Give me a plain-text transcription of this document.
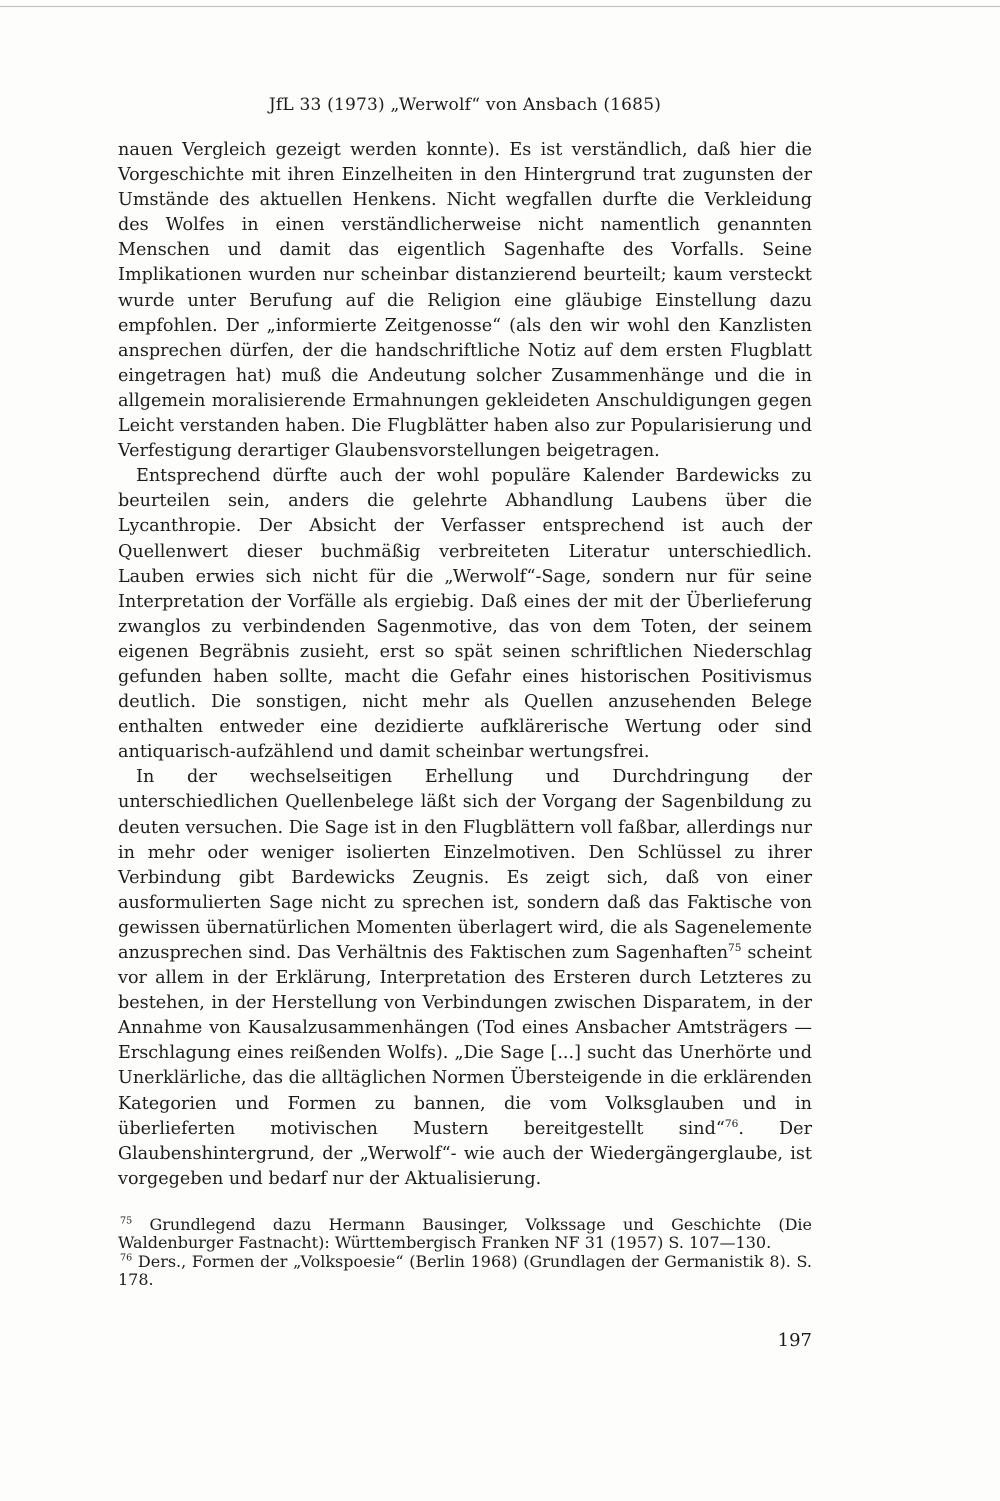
JfL 33 (1973) „Werwolf“ von Ansbach (1685)

nauen Vergleich gezeigt werden konnte). Es ist verständlich, daß hier die Vorgeschichte mit ihren Einzelheiten in den Hintergrund trat zugunsten der Umstände des aktuellen Henkens. Nicht wegfallen durfte die Verkleidung des Wolfes in einen verständlicherweise nicht namentlich genannten Menschen und damit das eigentlich Sagenhafte des Vorfalls. Seine Implikationen wurden nur scheinbar distanzierend beurteilt; kaum versteckt wurde unter Berufung auf die Religion eine gläubige Einstellung dazu empfohlen. Der „informierte Zeitgenosse“ (als den wir wohl den Kanzlisten ansprechen dürfen, der die handschriftliche Notiz auf dem ersten Flugblatt eingetragen hat) muß die Andeutung solcher Zusammenhänge und die in allgemein moralisierende Ermahnungen gekleideten Anschuldigungen gegen Leicht verstanden haben. Die Flugblätter haben also zur Popularisierung und Verfestigung derartiger Glaubensvorstellungen beigetragen.

Entsprechend dürfte auch der wohl populäre Kalender Bardewicks zu beurteilen sein, anders die gelehrte Abhandlung Laubens über die Lycanthropie. Der Absicht der Verfasser entsprechend ist auch der Quellenwert dieser buchmäßig verbreiteten Literatur unterschiedlich. Lauben erwies sich nicht für die „Werwolf“-Sage, sondern nur für seine Interpretation der Vorfälle als ergiebig. Daß eines der mit der Überlieferung zwanglos zu verbindenden Sagenmotive, das von dem Toten, der seinem eigenen Begräbnis zusieht, erst so spät seinen schriftlichen Niederschlag gefunden haben sollte, macht die Gefahr eines historischen Positivismus deutlich. Die sonstigen, nicht mehr als Quellen anzusehenden Belege enthalten entweder eine dezidierte aufklärerische Wertung oder sind antiquarisch-aufzählend und damit scheinbar wertungsfrei.

In der wechselseitigen Erhellung und Durchdringung der unterschiedlichen Quellenbelege läßt sich der Vorgang der Sagenbildung zu deuten versuchen. Die Sage ist in den Flugblättern voll faßbar, allerdings nur in mehr oder weniger isolierten Einzelmotiven. Den Schlüssel zu ihrer Verbindung gibt Bardewicks Zeugnis. Es zeigt sich, daß von einer ausformulierten Sage nicht zu sprechen ist, sondern daß das Faktische von gewissen übernatürlichen Momenten überlagert wird, die als Sagenelemente anzusprechen sind. Das Verhältnis des Faktischen zum Sagenhaften$^{75}$ scheint vor allem in der Erklärung, Interpretation des Ersteren durch Letzteres zu bestehen, in der Herstellung von Verbindungen zwischen Disparatem, in der Annahme von Kausalzusammenhängen (Tod eines Ansbacher Amtsträgers — Erschlagung eines reißenden Wolfs). „Die Sage [...] sucht das Unerhörte und Unerklärliche, das die alltäglichen Normen Übersteigende in die erklärenden Kategorien und Formen zu bannen, die vom Volksglauben und in überlieferten motivischen Mustern bereitgestellt sind“$^{76}$. Der Glaubenshintergrund, der „Werwolf“- wie auch der Wiedergängerglaube, ist vorgegeben und bedarf nur der Aktualisierung.

$^{75}$ Grundlegend dazu Hermann Bausinger, Volkssage und Geschichte (Die Waldenburger Fastnacht): Württembergisch Franken NF 31 (1957) S. 107—130.

$^{76}$ Ders., Formen der „Volkspoesie“ (Berlin 1968) (Grundlagen der Germanistik 8). S. 178.

197
